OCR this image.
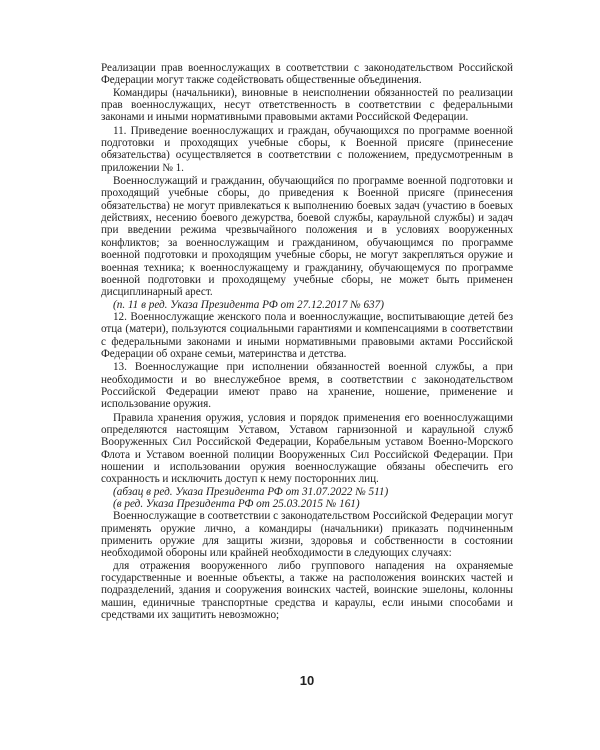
Реализации прав военнослужащих в соответствии с законодательством Российской Федерации могут также содействовать общественные объединения.

Командиры (начальники), виновные в неисполнении обязанностей по реализации прав военнослужащих, несут ответственность в соответствии с федеральными законами и иными нормативными правовыми актами Российской Федерации.

11. Приведение военнослужащих и граждан, обучающихся по программе военной подготовки и проходящих учебные сборы, к Военной присяге (принесение обязательства) осуществляется в соответствии с положением, предусмотренным в приложении № 1.

Военнослужащий и гражданин, обучающийся по программе военной подготовки и проходящий учебные сборы, до приведения к Военной присяге (принесения обязательства) не могут привлекаться к выполнению боевых задач (участию в боевых действиях, несению боевого дежурства, боевой службы, караульной службы) и задач при введении режима чрезвычайного положения и в условиях вооруженных конфликтов; за военнослужащим и гражданином, обучающимся по программе военной подготовки и проходящим учебные сборы, не могут закрепляться оружие и военная техника; к военнослужащему и гражданину, обучающемуся по программе военной подготовки и проходящему учебные сборы, не может быть применен дисциплинарный арест.

(п. 11 в ред. Указа Президента РФ от 27.12.2017 № 637)

12. Военнослужащие женского пола и военнослужащие, воспитывающие детей без отца (матери), пользуются социальными гарантиями и компенсациями в соответствии с федеральными законами и иными нормативными правовыми актами Российской Федерации об охране семьи, материнства и детства.

13. Военнослужащие при исполнении обязанностей военной службы, а при необходимости и во внеслужебное время, в соответствии с законодательством Российской Федерации имеют право на хранение, ношение, применение и использование оружия.

Правила хранения оружия, условия и порядок применения его военнослужащими определяются настоящим Уставом, Уставом гарнизонной и караульной служб Вооруженных Сил Российской Федерации, Корабельным уставом Военно-Морского Флота и Уставом военной полиции Вооруженных Сил Российской Федерации. При ношении и использовании оружия военнослужащие обязаны обеспечить его сохранность и исключить доступ к нему посторонних лиц.

(абзац в ред. Указа Президента РФ от 31.07.2022 № 511)

(в ред. Указа Президента РФ от 25.03.2015 № 161)

Военнослужащие в соответствии с законодательством Российской Федерации могут применять оружие лично, а командиры (начальники) приказать подчиненным применить оружие для защиты жизни, здоровья и собственности в состоянии необходимой обороны или крайней необходимости в следующих случаях:

для отражения вооруженного либо группового нападения на охраняемые государственные и военные объекты, а также на расположения воинских частей и подразделений, здания и сооружения воинских частей, воинские эшелоны, колонны машин, единичные транспортные средства и караулы, если иными способами и средствами их защитить невозможно;

10
